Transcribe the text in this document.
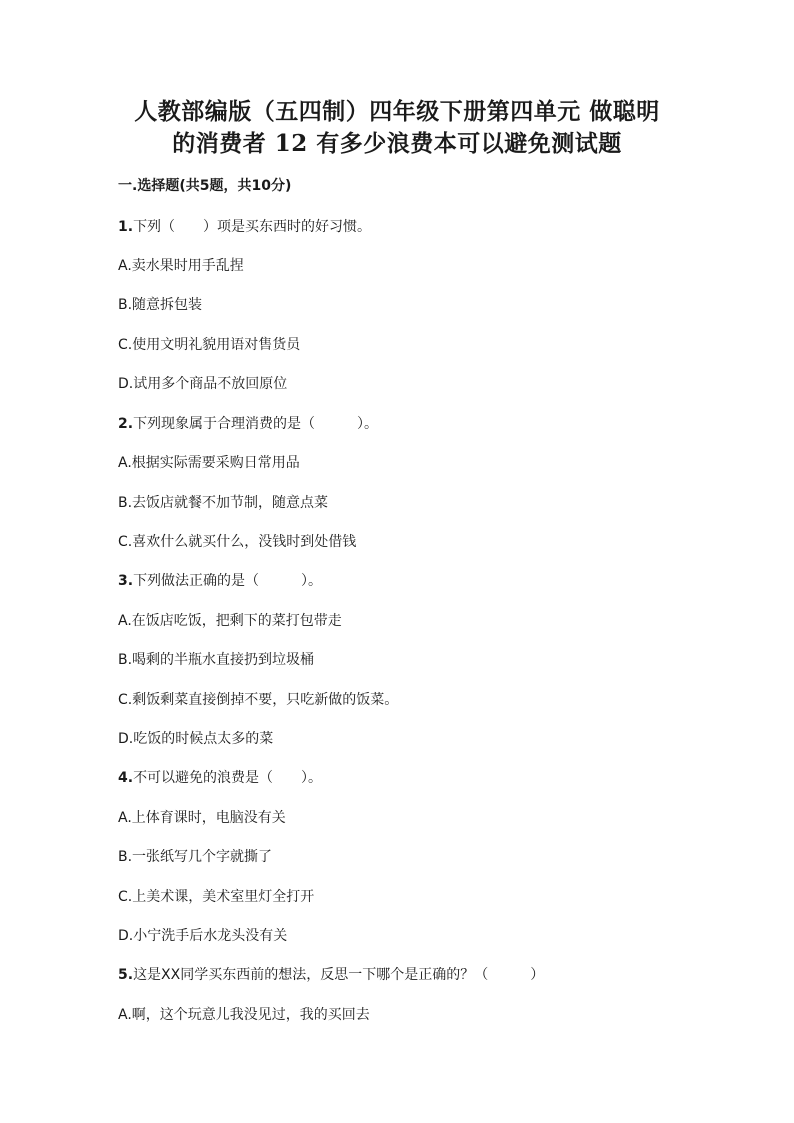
人教部编版（五四制）四年级下册第四单元 做聪明
的消费者 12 有多少浪费本可以避免测试题
一.选择题(共5题，共10分)
1.下列（　　）项是买东西时的好习惯。
A.卖水果时用手乱捏
B.随意拆包装
C.使用文明礼貌用语对售货员
D.试用多个商品不放回原位
2.下列现象属于合理消费的是（　　　）。
A.根据实际需要采购日常用品
B.去饭店就餐不加节制，随意点菜
C.喜欢什么就买什么，没钱时到处借钱
3.下列做法正确的是（　　　）。
A.在饭店吃饭，把剩下的菜打包带走
B.喝剩的半瓶水直接扔到垃圾桶
C.剩饭剩菜直接倒掉不要，只吃新做的饭菜。
D.吃饭的时候点太多的菜
4.不可以避免的浪费是（　　）。
A.上体育课时，电脑没有关
B.一张纸写几个字就撕了
C.上美术课，美术室里灯全打开
D.小宁洗手后水龙头没有关
5.这是XX同学买东西前的想法，反思一下哪个是正确的？（　　　）
A.啊，这个玩意儿我没见过，我的买回去
